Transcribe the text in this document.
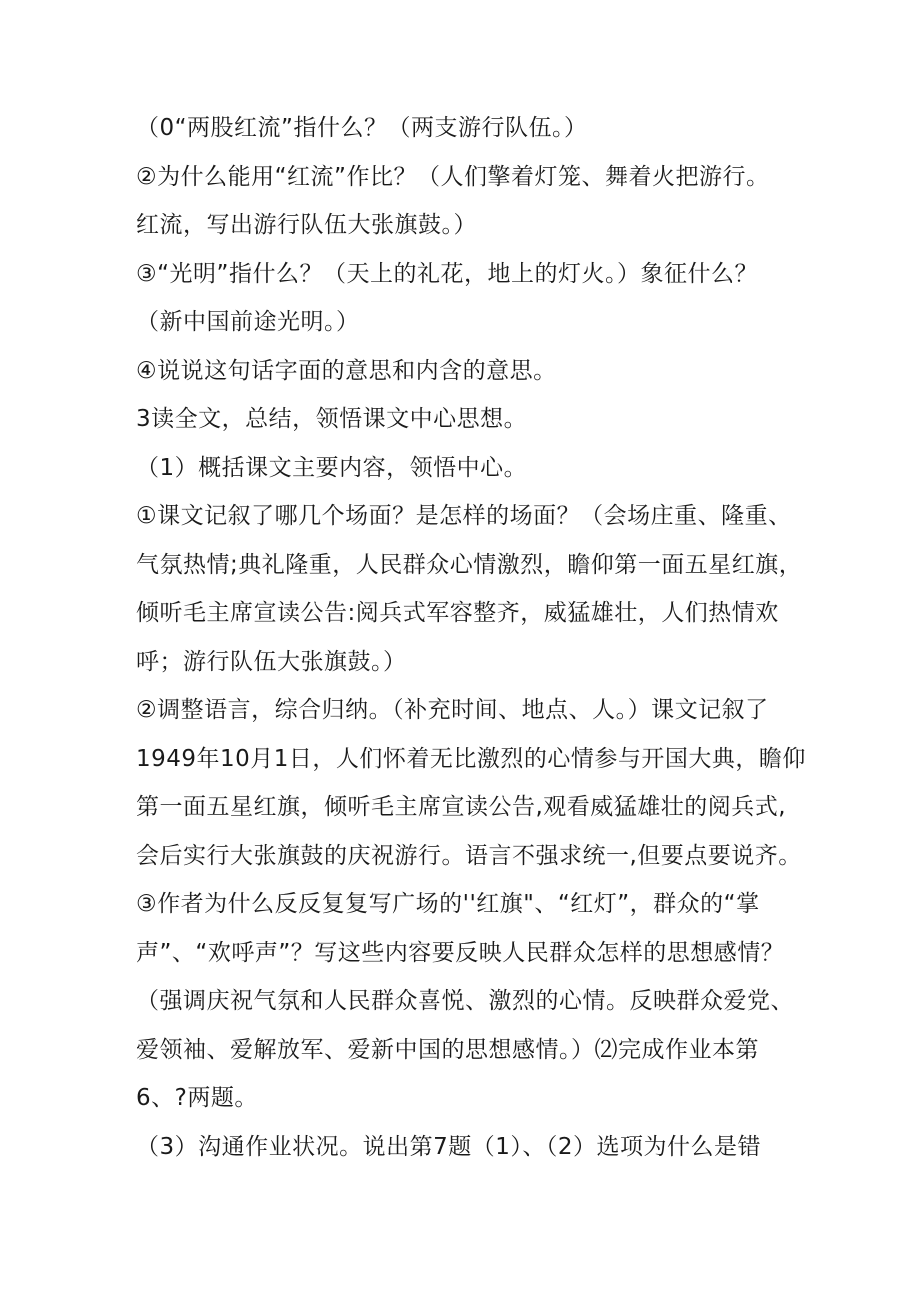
（0“两股红流”指什么？（两支游行队伍。）
②为什么能用“红流”作比？（人们擎着灯笼、舞着火把游行。
红流，写出游行队伍大张旗鼓。）
③“光明”指什么？（天上的礼花，地上的灯火。）象征什么？
（新中国前途光明。）
④说说这句话字面的意思和内含的意思。
3读全文，总结，领悟课文中心思想。
（1）概括课文主要内容，领悟中心。
①课文记叙了哪几个场面？是怎样的场面？（会场庄重、隆重、
气氛热情;典礼隆重，人民群众心情激烈，瞻仰第一面五星红旗，
倾听毛主席宣读公告:阅兵式军容整齐，威猛雄壮，人们热情欢
呼；游行队伍大张旗鼓。）
②调整语言，综合归纳。（补充时间、地点、人。）课文记叙了
1949年10月1日，人们怀着无比激烈的心情参与开国大典，瞻仰
第一面五星红旗，倾听毛主席宣读公告,观看威猛雄壮的阅兵式,
会后实行大张旗鼓的庆祝游行。语言不强求统一,但要点要说齐。
③作者为什么反反复复写广场的''红旗"、“红灯”，群众的“掌
声”、“欢呼声”？写这些内容要反映人民群众怎样的思想感情？
（强调庆祝气氛和人民群众喜悦、激烈的心情。反映群众爱党、
爱领袖、爱解放军、爱新中国的思想感情。）⑵完成作业本第
6、?两题。
（3）沟通作业状况。说出第7题（1）、（2）选项为什么是错
